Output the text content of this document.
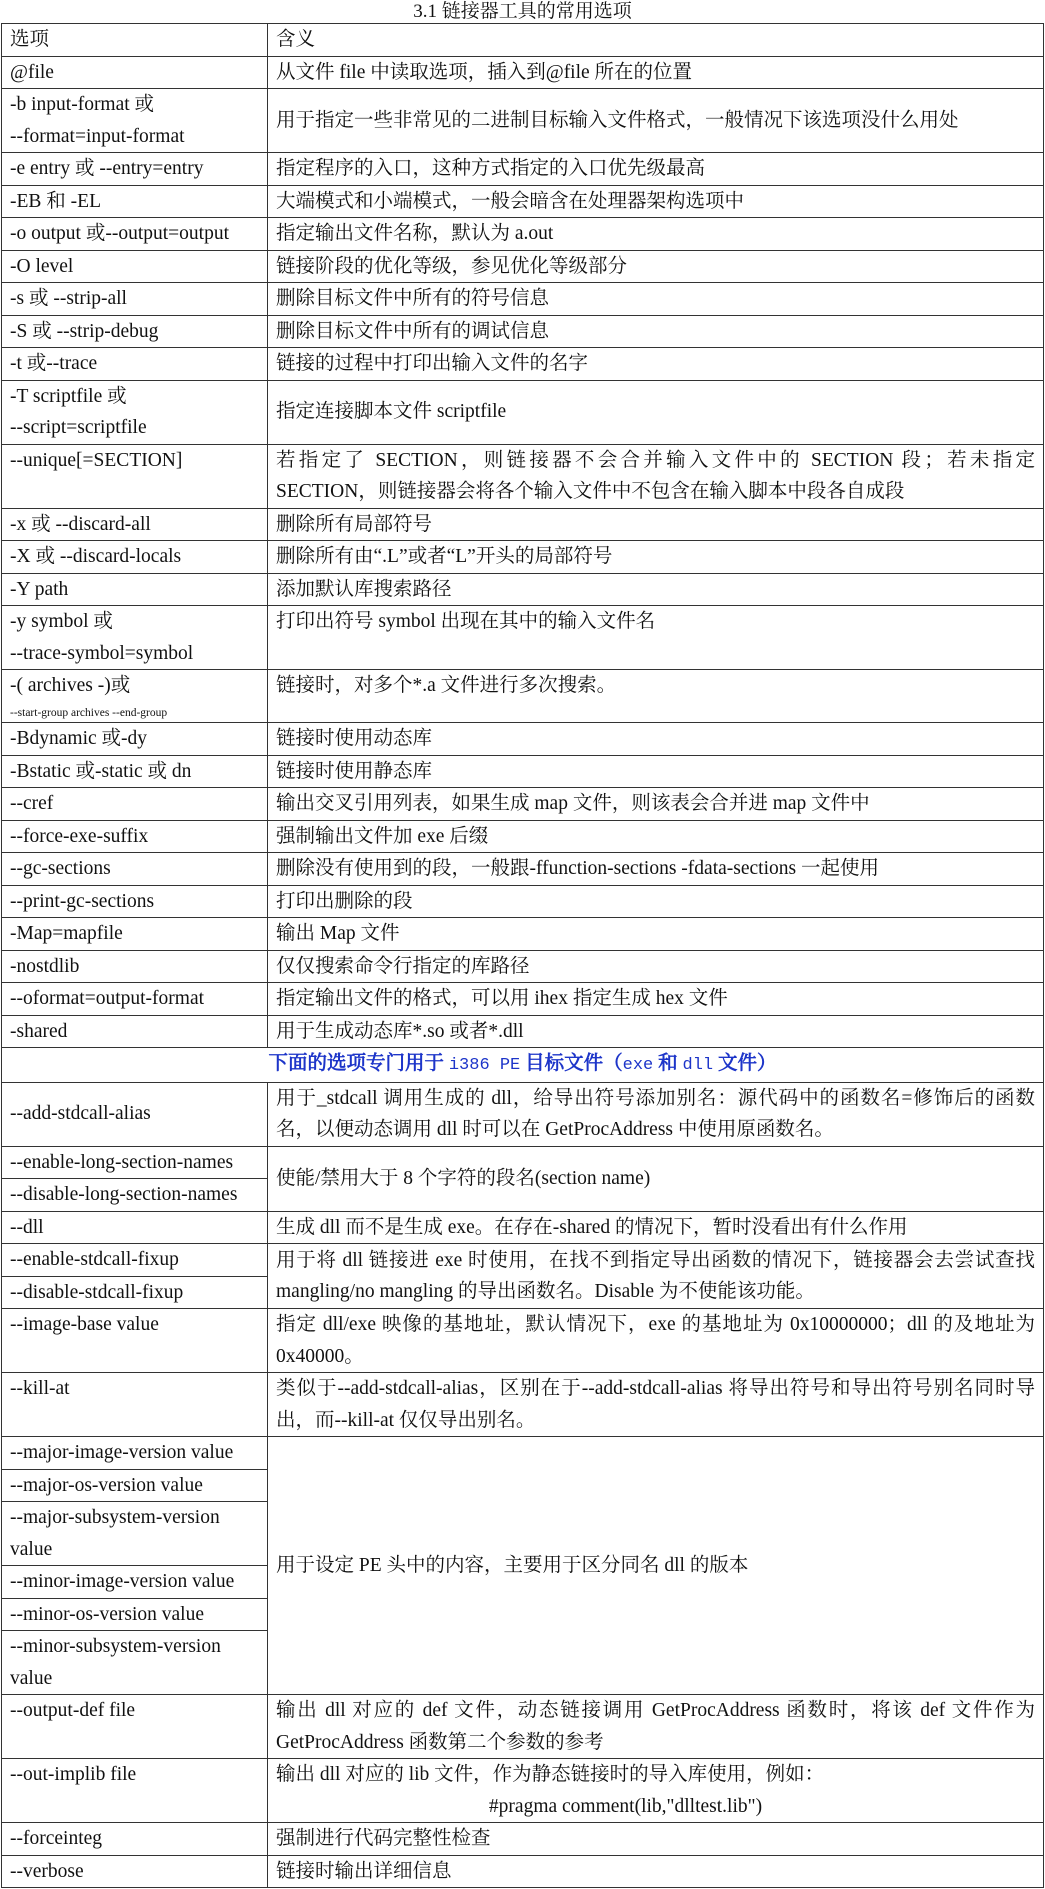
3.1 链接器工具的常用选项
选项	含义
@file	从文件 file 中读取选项，插入到@file 所在的位置
-b input-format 或
--format=input-format	用于指定一些非常见的二进制目标输入文件格式，一般情况下该选项没什么用处
-e entry 或 --entry=entry	指定程序的入口，这种方式指定的入口优先级最高
-EB 和 -EL	大端模式和小端模式，一般会暗含在处理器架构选项中
-o output 或--output=output	指定输出文件名称，默认为 a.out
-O level	链接阶段的优化等级，参见优化等级部分
-s 或 --strip-all	删除目标文件中所有的符号信息
-S 或 --strip-debug	删除目标文件中所有的调试信息
-t 或--trace	链接的过程中打印出输入文件的名字
-T scriptfile 或
--script=scriptfile	指定连接脚本文件 scriptfile
--unique[=SECTION]	若指定了 SECTION，则链接器不会合并输入文件中的 SECTION 段；若未指定 SECTION，则链接器会将各个输入文件中不包含在输入脚本中段各自成段
-x 或 --discard-all	删除所有局部符号
-X 或 --discard-locals	删除所有由“.L”或者“L”开头的局部符号
-Y path	添加默认库搜索路径
-y symbol 或
--trace-symbol=symbol	打印出符号 symbol 出现在其中的输入文件名
-( archives -)或
--start-group archives --end-group	链接时，对多个*.a 文件进行多次搜索。
-Bdynamic 或-dy	链接时使用动态库
-Bstatic 或-static 或 dn	链接时使用静态库
--cref	输出交叉引用列表，如果生成 map 文件，则该表会合并进 map 文件中
--force-exe-suffix	强制输出文件加 exe 后缀
--gc-sections	删除没有使用到的段，一般跟-ffunction-sections -fdata-sections 一起使用
--print-gc-sections	打印出删除的段
-Map=mapfile	输出 Map 文件
-nostdlib	仅仅搜索命令行指定的库路径
--oformat=output-format	指定输出文件的格式，可以用 ihex 指定生成 hex 文件
-shared	用于生成动态库*.so 或者*.dll
下面的选项专门用于 i386 PE 目标文件（exe 和 dll 文件）	
--add-stdcall-alias	用于_stdcall 调用生成的 dll，给导出符号添加别名：源代码中的函数名=修饰后的函数名，以便动态调用 dll 时可以在 GetProcAddress 中使用原函数名。
--enable-long-section-names	使能/禁用大于 8 个字符的段名(section name)
--disable-long-section-names	
--dll	生成 dll 而不是生成 exe。在存在-shared 的情况下，暂时没看出有什么作用
--enable-stdcall-fixup	用于将 dll 链接进 exe 时使用，在找不到指定导出函数的情况下，链接器会去尝试查找 mangling/no mangling 的导出函数名。Disable 为不使能该功能。
--disable-stdcall-fixup	
--image-base value	指定 dll/exe 映像的基地址，默认情况下，exe 的基地址为 0x10000000；dll 的及地址为 0x40000。
--kill-at	类似于--add-stdcall-alias，区别在于--add-stdcall-alias 将导出符号和导出符号别名同时导出，而--kill-at 仅仅导出别名。
--major-image-version value	用于设定 PE 头中的内容，主要用于区分同名 dll 的版本
--major-os-version value	
--major-subsystem-version value	
--minor-image-version value	
--minor-os-version value	
--minor-subsystem-version value	
--output-def file	输出 dll 对应的 def 文件，动态链接调用 GetProcAddress 函数时，将该 def 文件作为 GetProcAddress 函数第二个参数的参考
--out-implib file	输出 dll 对应的 lib 文件，作为静态链接时的导入库使用，例如：
#pragma comment(lib,"dlltest.lib")

--forceinteg	强制进行代码完整性检查
--verbose	链接时输出详细信息
